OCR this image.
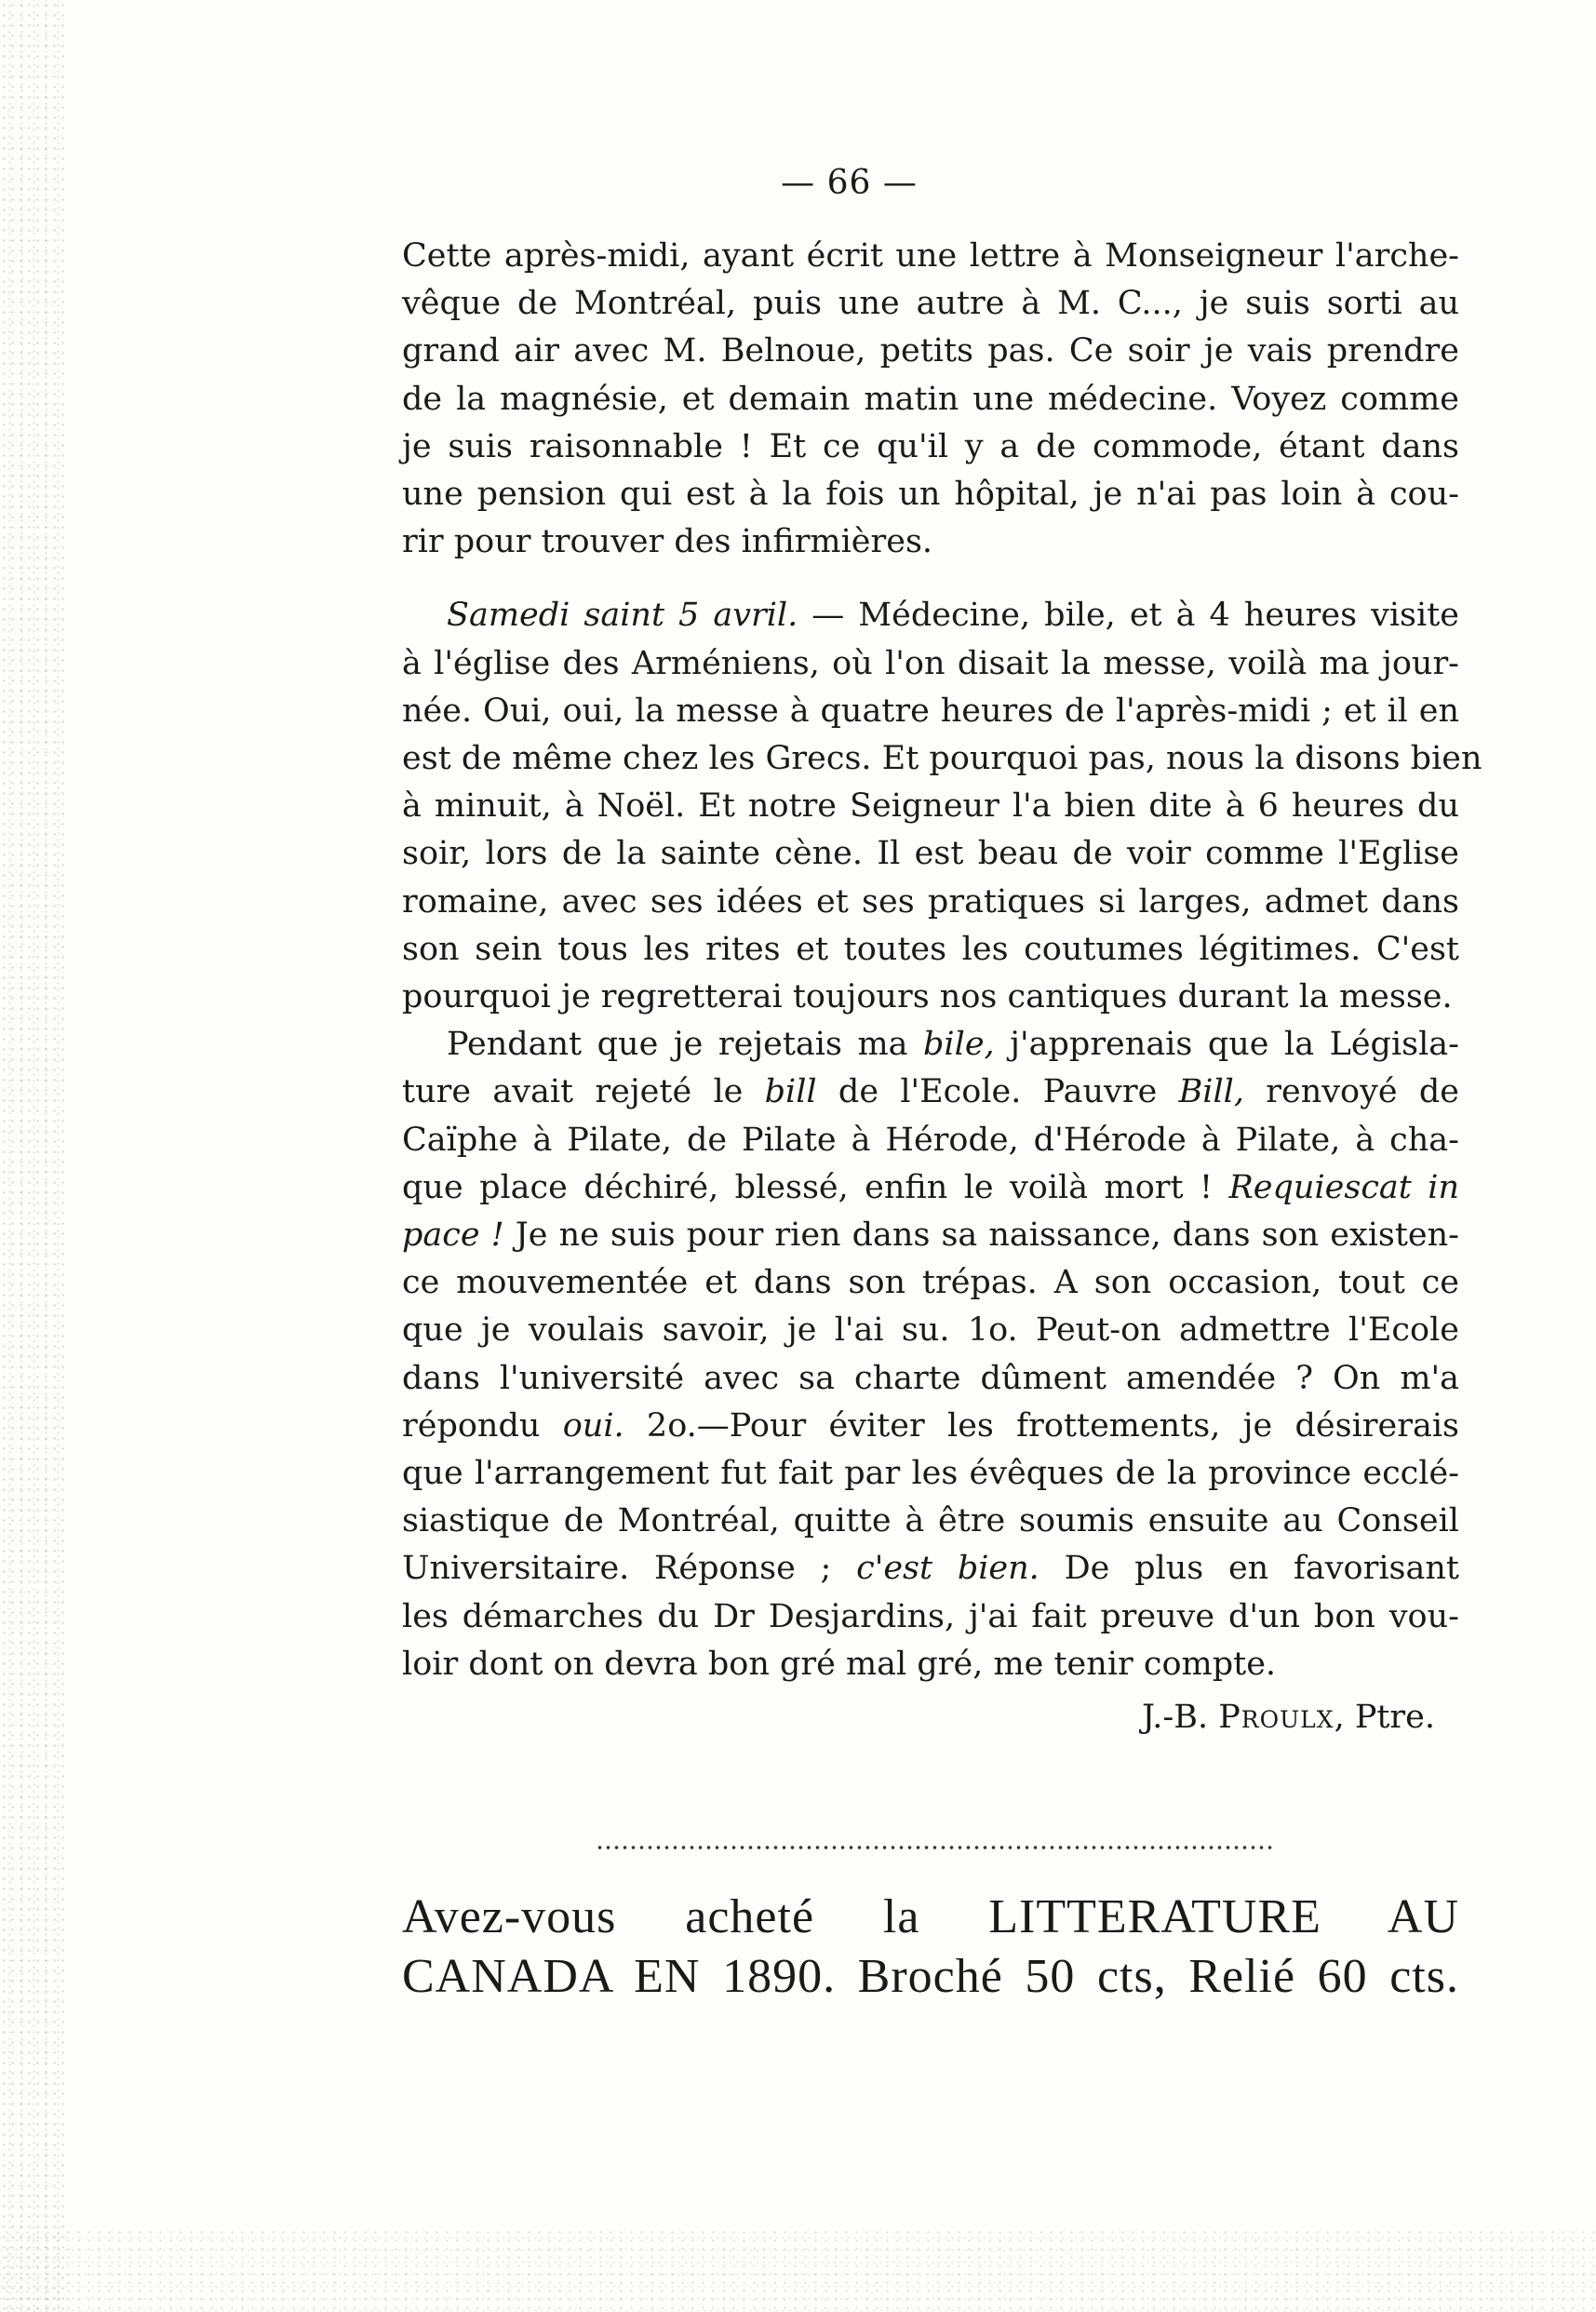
— 66 —
Cette après-midi, ayant écrit une lettre à Monseigneur l'arche-
vêque de Montréal, puis une autre à M. C..., je suis sorti au
grand air avec M. Belnoue, petits pas. Ce soir je vais prendre
de la magnésie, et demain matin une médecine. Voyez comme
je suis raisonnable ! Et ce qu'il y a de commode, étant dans
une pension qui est à la fois un hôpital, je n'ai pas loin à cou-
rir pour trouver des infirmières.
Samedi saint 5 avril. — Médecine, bile, et à 4 heures visite
à l'église des Arméniens, où l'on disait la messe, voilà ma jour-
née. Oui, oui, la messe à quatre heures de l'après-midi ; et il en
est de même chez les Grecs. Et pourquoi pas, nous la disons bien
à minuit, à Noël. Et notre Seigneur l'a bien dite à 6 heures du
soir, lors de la sainte cène. Il est beau de voir comme l'Eglise
romaine, avec ses idées et ses pratiques si larges, admet dans
son sein tous les rites et toutes les coutumes légitimes. C'est
pourquoi je regretterai toujours nos cantiques durant la messe.
Pendant que je rejetais ma bile, j'apprenais que la Législa-
ture avait rejeté le bill de l'Ecole. Pauvre Bill, renvoyé de
Caïphe à Pilate, de Pilate à Hérode, d'Hérode à Pilate, à cha-
que place déchiré, blessé, enfin le voilà mort ! Requiescat in
pace ! Je ne suis pour rien dans sa naissance, dans son existen-
ce mouvementée et dans son trépas. A son occasion, tout ce
que je voulais savoir, je l'ai su. 1o. Peut-on admettre l'Ecole
dans l'université avec sa charte dûment amendée ? On m'a
répondu oui. 2o.—Pour éviter les frottements, je désirerais
que l'arrangement fut fait par les évêques de la province ecclé-
siastique de Montréal, quitte à être soumis ensuite au Conseil
Universitaire. Réponse ; c'est bien. De plus en favorisant
les démarches du Dr Desjardins, j'ai fait preuve d'un bon vou-
loir dont on devra bon gré mal gré, me tenir compte.
J.-B. Proulx, Ptre.
Avez-vous acheté la LITTERATURE AU
CANADA EN 1890. Broché 50 cts, Relié 60 cts.
